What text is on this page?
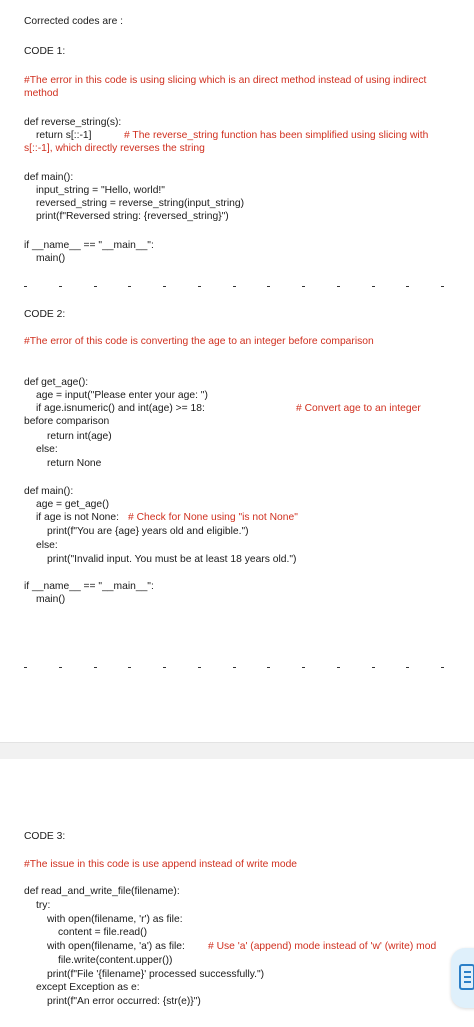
Corrected codes are :
CODE 1:
#The error in this code is using slicing which is an direct method instead of using indirect
method
def reverse_string(s):
return s[::-1]	# The reverse_string function has been simplified using slicing with
s[::-1], which directly reverses the string
def main():
input_string = "Hello, world!"
reversed_string = reverse_string(input_string)
print(f"Reversed string: {reversed_string}")
if __name__ == "__main__":
main()
CODE 2:
#The error of this code is converting the age to an integer before comparison
def get_age():
age = input("Please enter your age: ")
if age.isnumeric() and int(age) >= 18:	# Convert age to an integer
before comparison
return int(age)
else:
return None
def main():
age = get_age()
if age is not None: # Check for None using "is not None"
print(f"You are {age} years old and eligible.")
else:
print("Invalid input. You must be at least 18 years old.")
if __name__ == "__main__":
main()
CODE 3:
#The issue in this code is use append instead of write mode
def read_and_write_file(filename):
try:
with open(filename, 'r') as file:
content = file.read()
with open(filename, 'a') as file: # Use 'a' (append) mode instead of 'w' (write) mod
file.write(content.upper())
print(f"File '{filename}' processed successfully.")
except Exception as e:
print(f"An error occurred: {str(e)}")
